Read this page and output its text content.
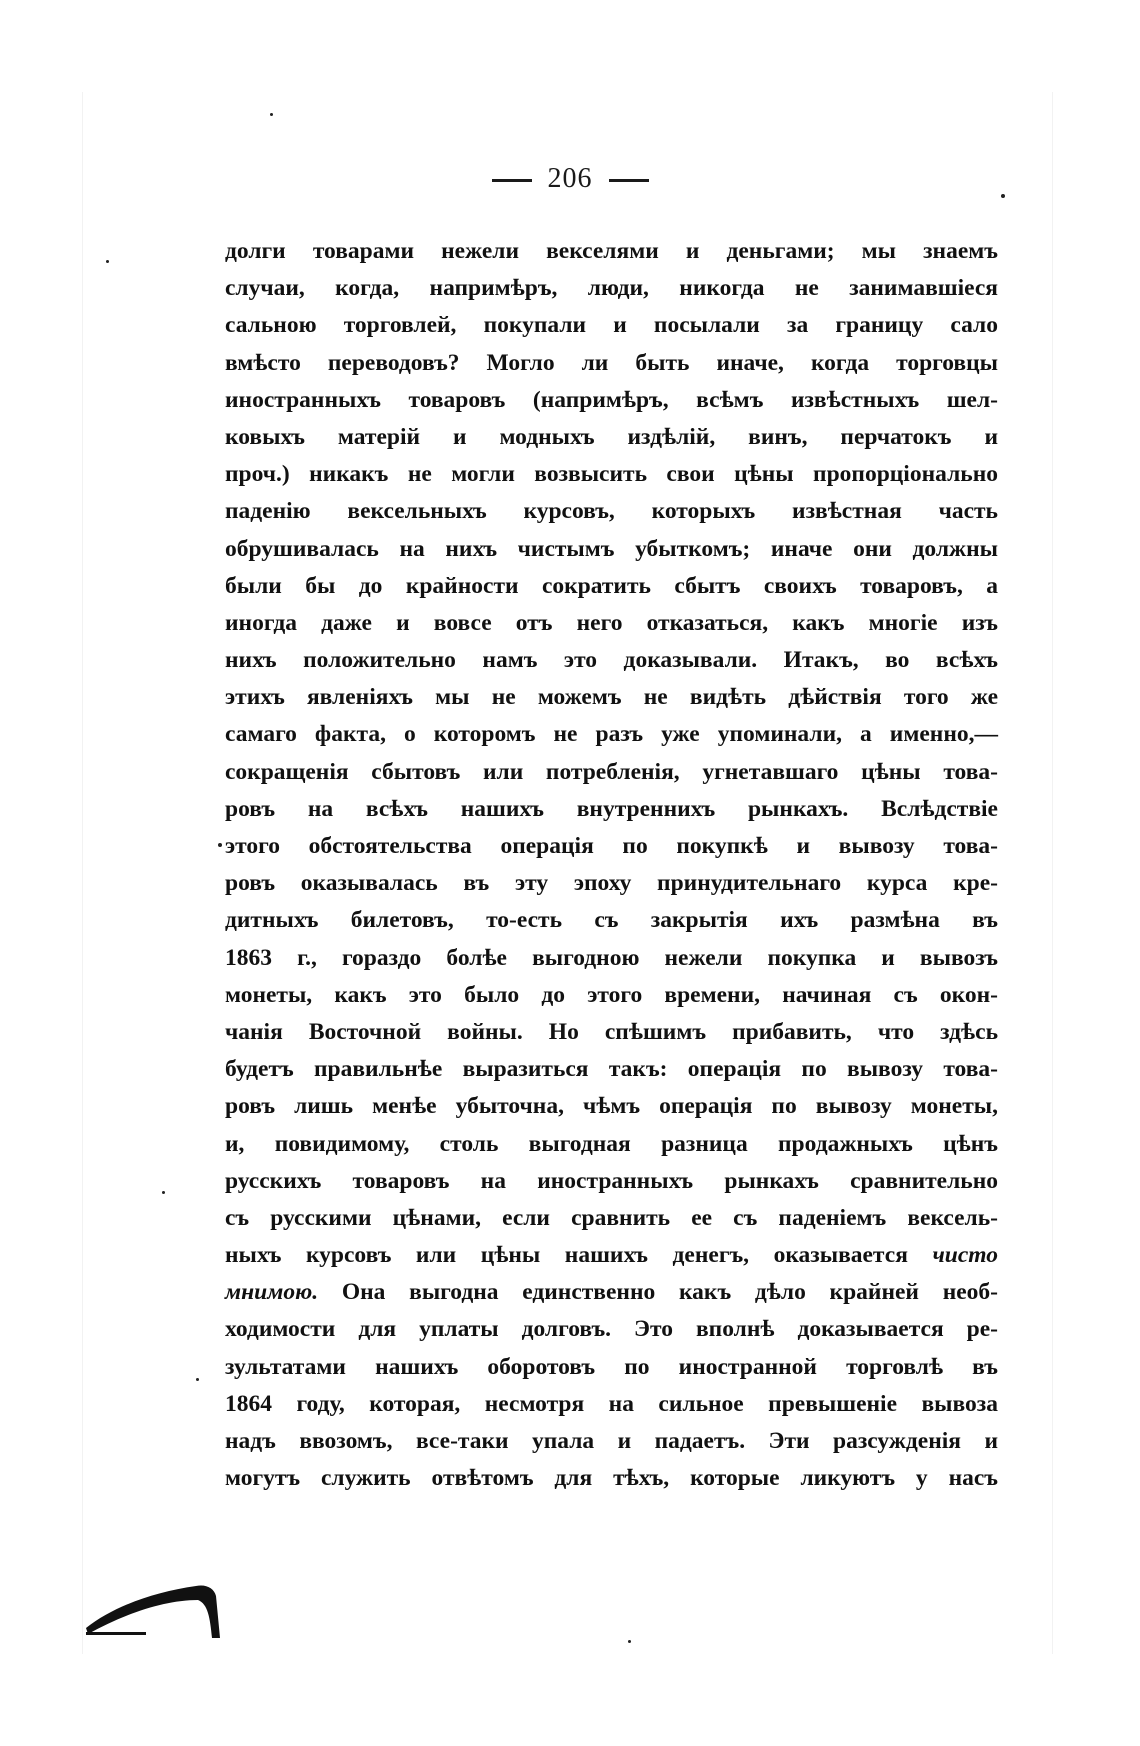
206
долги товарами нежели векселями и деньгами; мы знаемъ
случаи, когда, напримѣръ, люди, никогда не занимавшіеся
сальною торговлей, покупали и посылали за границу сало
вмѣсто переводовъ? Могло ли быть иначе, когда торговцы
иностранныхъ товаровъ (напримѣръ, всѣмъ извѣстныхъ шел-
ковыхъ матерій и модныхъ издѣлій, винъ, перчатокъ и
проч.) никакъ не могли возвысить свои цѣны пропорціонально
паденію вексельныхъ курсовъ, которыхъ извѣстная часть
обрушивалась на нихъ чистымъ убыткомъ; иначе они должны
были бы до крайности сократить сбытъ своихъ товаровъ, а
иногда даже и вовсе отъ него отказаться, какъ многіе изъ
нихъ положительно намъ это доказывали. Итакъ, во всѣхъ
этихъ явленіяхъ мы не можемъ не видѣть дѣйствія того же
самаго факта, о которомъ не разъ уже упоминали, а именно,—
сокращенія сбытовъ или потребленія, угнетавшаго цѣны това-
ровъ на всѣхъ нашихъ внутреннихъ рынкахъ. Вслѣдствіе
этого обстоятельства операція по покупкѣ и вывозу това-
ровъ оказывалась въ эту эпоху принудительнаго курса кре-
дитныхъ билетовъ, то-есть съ закрытія ихъ размѣна въ
1863 г., гораздо болѣе выгодною нежели покупка и вывозъ
монеты, какъ это было до этого времени, начиная съ окон-
чанія Восточной войны. Но спѣшимъ прибавить, что здѣсь
будетъ правильнѣе выразиться такъ: операція по вывозу това-
ровъ лишь менѣе убыточна, чѣмъ операція по вывозу монеты,
и, повидимому, столь выгодная разница продажныхъ цѣнъ
русскихъ товаровъ на иностранныхъ рынкахъ сравнительно
съ русскими цѣнами, если сравнить ее съ паденіемъ вексель-
ныхъ курсовъ или цѣны нашихъ денегъ, оказывается чисто
мнимою. Она выгодна единственно какъ дѣло крайней необ-
ходимости для уплаты долговъ. Это вполнѣ доказывается ре-
зультатами нашихъ оборотовъ по иностранной торговлѣ въ
1864 году, которая, несмотря на сильное превышеніе вывоза
надъ ввозомъ, все-таки упала и падаетъ. Эти разсужденія и
могутъ служить отвѣтомъ для тѣхъ, которые ликуютъ у насъ
